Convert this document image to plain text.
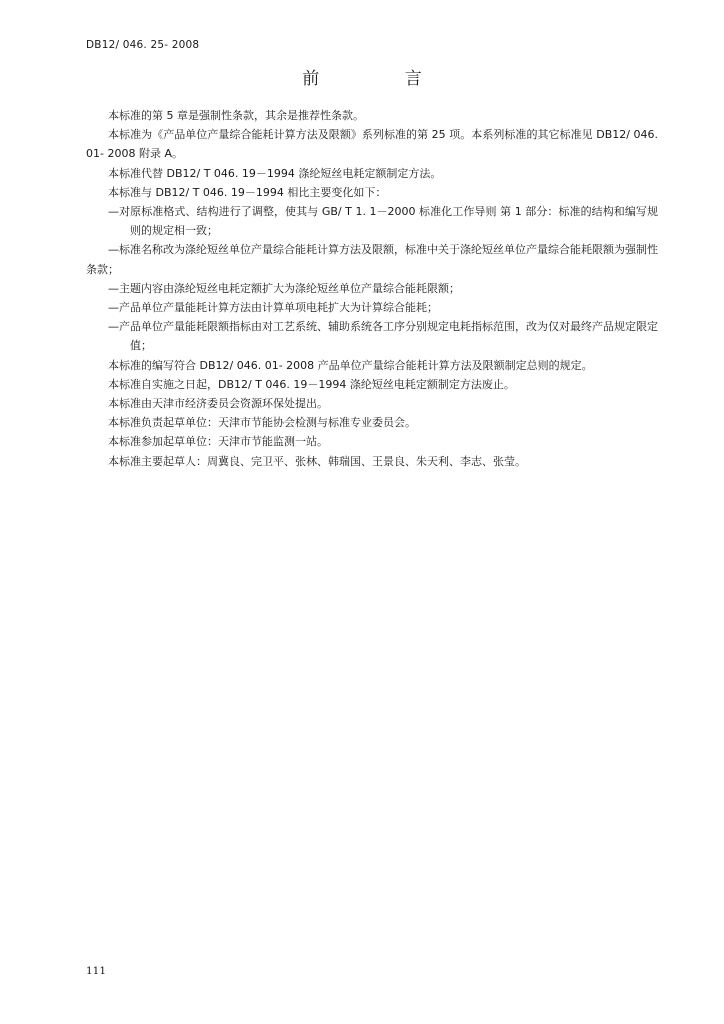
DB12/ 046. 25- 2008
前 言

本标准的第 5 章是强制性条款，其余是推荐性条款。

本标准为《产品单位产量综合能耗计算方法及限额》系列标准的第 25 项。本系列标准的其它标准见 DB12/ 046. 01- 2008 附录 A。

本标准代替 DB12/ T 046. 19－1994 涤纶短丝电耗定额制定方法。

本标准与 DB12/ T 046. 19－1994 相比主要变化如下：

—对原标准格式、结构进行了调整，使其与 GB/ T 1. 1－2000 标准化工作导则 第 1 部分：标准的结构和编写规则的规定相一致；

—标准名称改为涤纶短丝单位产量综合能耗计算方法及限额，标准中关于涤纶短丝单位产量综合能耗限额为强制性条款；

—主题内容由涤纶短丝电耗定额扩大为涤纶短丝单位产量综合能耗限额；

—产品单位产量能耗计算方法由计算单项电耗扩大为计算综合能耗；

—产品单位产量能耗限额指标由对工艺系统、辅助系统各工序分别规定电耗指标范围，改为仅对最终产品规定限定值；

本标准的编写符合 DB12/ 046. 01- 2008 产品单位产量综合能耗计算方法及限额制定总则的规定。

本标准自实施之日起，DB12/ T 046. 19－1994 涤纶短丝电耗定额制定方法废止。

本标准由天津市经济委员会资源环保处提出。

本标准负责起草单位：天津市节能协会检测与标准专业委员会。

本标准参加起草单位：天津市节能监测一站。

本标准主要起草人：周冀良、完卫平、张林、韩瑞国、王景良、朱天利、李志、张莹。

111
